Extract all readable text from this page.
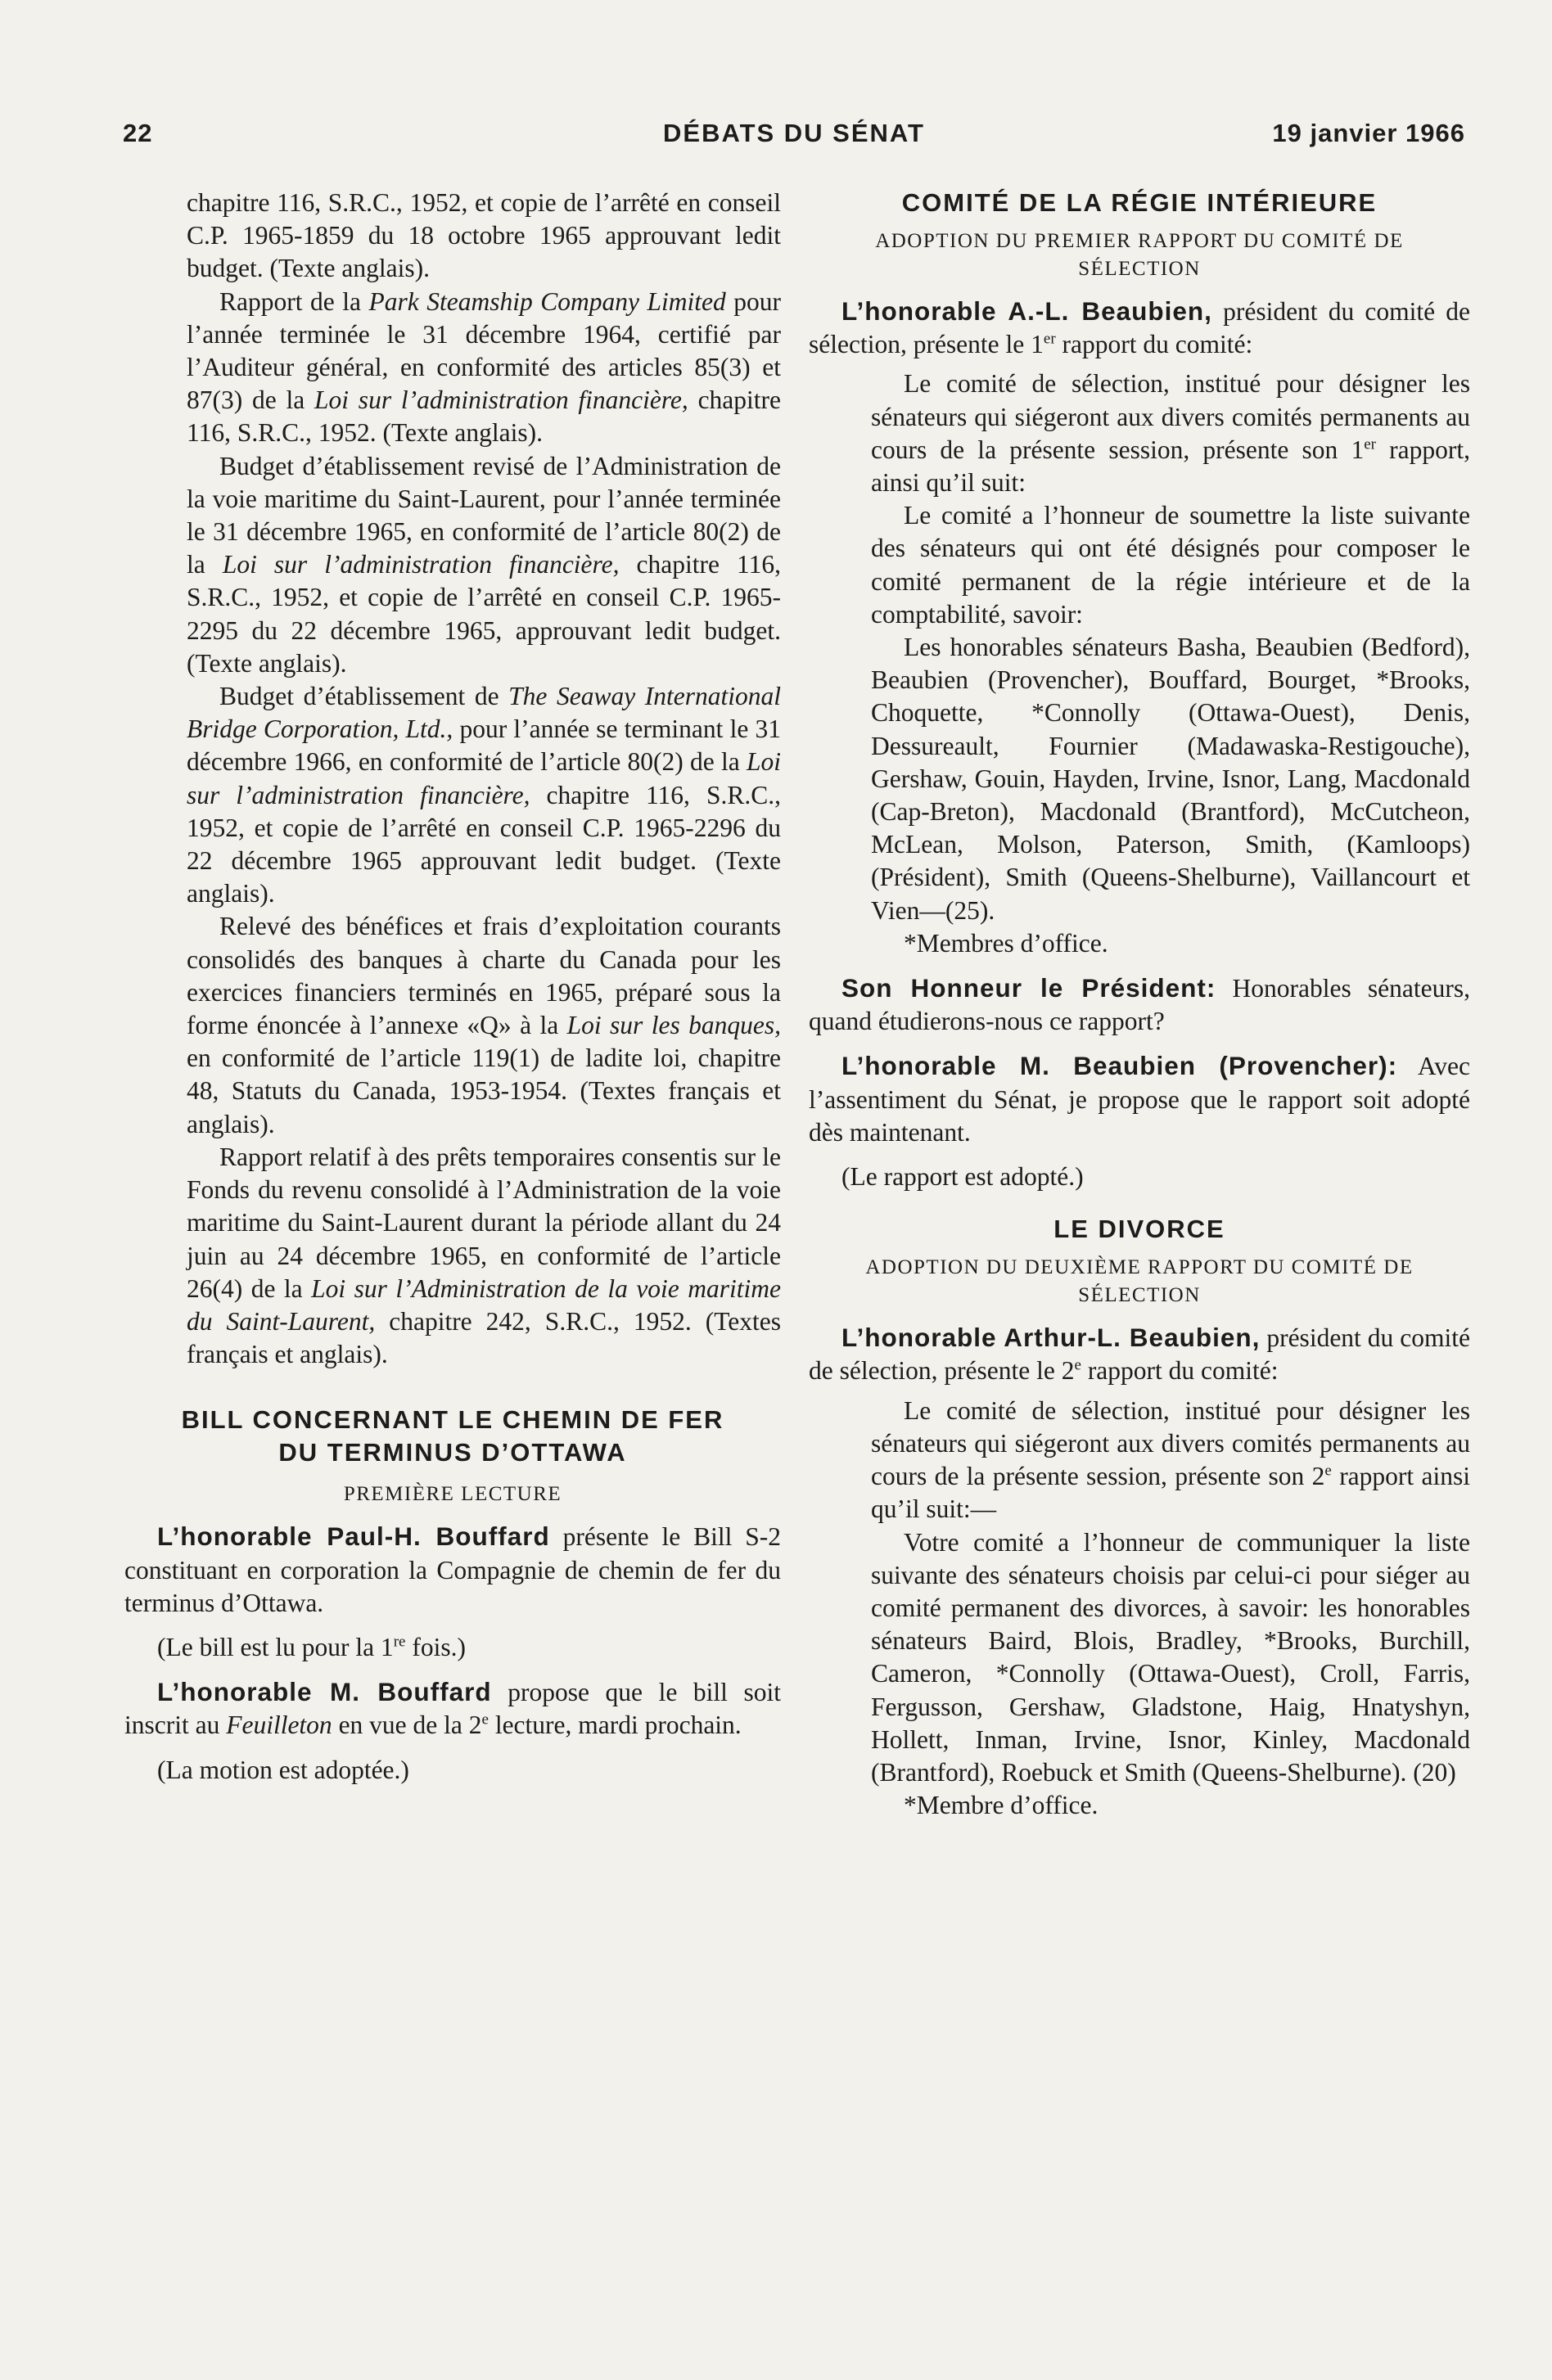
22	DÉBATS DU SÉNAT	19 janvier 1966

chapitre 116, S.R.C., 1952, et copie de l’arrêté en conseil C.P. 1965-1859 du 18 octobre 1965 approuvant ledit budget. (Texte anglais).

Rapport de la Park Steamship Company Limited pour l’année terminée le 31 décembre 1964, certifié par l’Auditeur général, en conformité des articles 85(3) et 87(3) de la Loi sur l’administration financière, chapitre 116, S.R.C., 1952. (Texte anglais).

Budget d’établissement revisé de l’Administration de la voie maritime du Saint-Laurent, pour l’année terminée le 31 décembre 1965, en conformité de l’article 80(2) de la Loi sur l’administration financière, chapitre 116, S.R.C., 1952, et copie de l’arrêté en conseil C.P. 1965-2295 du 22 décembre 1965, approuvant ledit budget. (Texte anglais).

Budget d’établissement de The Seaway International Bridge Corporation, Ltd., pour l’année se terminant le 31 décembre 1966, en conformité de l’article 80(2) de la Loi sur l’administration financière, chapitre 116, S.R.C., 1952, et copie de l’arrêté en conseil C.P. 1965-2296 du 22 décembre 1965 approuvant ledit budget. (Texte anglais).

Relevé des bénéfices et frais d’exploitation courants consolidés des banques à charte du Canada pour les exercices financiers terminés en 1965, préparé sous la forme énoncée à l’annexe «Q» à la Loi sur les banques, en conformité de l’article 119(1) de ladite loi, chapitre 48, Statuts du Canada, 1953-1954. (Textes français et anglais).

Rapport relatif à des prêts temporaires consentis sur le Fonds du revenu consolidé à l’Administration de la voie maritime du Saint-Laurent durant la période allant du 24 juin au 24 décembre 1965, en conformité de l’article 26(4) de la Loi sur l’Administration de la voie maritime du Saint-Laurent, chapitre 242, S.R.C., 1952. (Textes français et anglais).

BILL CONCERNANT LE CHEMIN DE FER
DU TERMINUS D’OTTAWA
PREMIÈRE LECTURE

L’honorable Paul-H. Bouffard présente le Bill S-2 constituant en corporation la Compagnie de chemin de fer du terminus d’Ottawa.

(Le bill est lu pour la 1re fois.)

L’honorable M. Bouffard propose que le bill soit inscrit au Feuilleton en vue de la 2e lecture, mardi prochain.

(La motion est adoptée.)

COMITÉ DE LA RÉGIE INTÉRIEURE
ADOPTION DU PREMIER RAPPORT DU COMITÉ DE SÉLECTION

L’honorable A.-L. Beaubien, président du comité de sélection, présente le 1er rapport du comité:

Le comité de sélection, institué pour désigner les sénateurs qui siégeront aux divers comités permanents au cours de la présente session, présente son 1er rapport, ainsi qu’il suit:

Le comité a l’honneur de soumettre la liste suivante des sénateurs qui ont été désignés pour composer le comité permanent de la régie intérieure et de la comptabilité, savoir:

Les honorables sénateurs Basha, Beaubien (Bedford), Beaubien (Provencher), Bouffard, Bourget, *Brooks, Choquette, *Connolly (Ottawa-Ouest), Denis, Dessureault, Fournier (Madawaska-Restigouche), Gershaw, Gouin, Hayden, Irvine, Isnor, Lang, Macdonald (Cap-Breton), Macdonald (Brantford), McCutcheon, McLean, Molson, Paterson, Smith, (Kamloops) (Président), Smith (Queens-Shelburne), Vaillancourt et Vien—(25).

*Membres d’office.

Son Honneur le Président: Honorables sénateurs, quand étudierons-nous ce rapport?

L’honorable M. Beaubien (Provencher): Avec l’assentiment du Sénat, je propose que le rapport soit adopté dès maintenant.

(Le rapport est adopté.)

LE DIVORCE
ADOPTION DU DEUXIÈME RAPPORT DU COMITÉ DE SÉLECTION

L’honorable Arthur-L. Beaubien, président du comité de sélection, présente le 2e rapport du comité:

Le comité de sélection, institué pour désigner les sénateurs qui siégeront aux divers comités permanents au cours de la présente session, présente son 2e rapport ainsi qu’il suit:—

Votre comité a l’honneur de communiquer la liste suivante des sénateurs choisis par celui-ci pour siéger au comité permanent des divorces, à savoir: les honorables sénateurs Baird, Blois, Bradley, *Brooks, Burchill, Cameron, *Connolly (Ottawa-Ouest), Croll, Farris, Fergusson, Gershaw, Gladstone, Haig, Hnatyshyn, Hollett, Inman, Irvine, Isnor, Kinley, Macdonald (Brantford), Roebuck et Smith (Queens-Shelburne). (20)

*Membre d’office.
